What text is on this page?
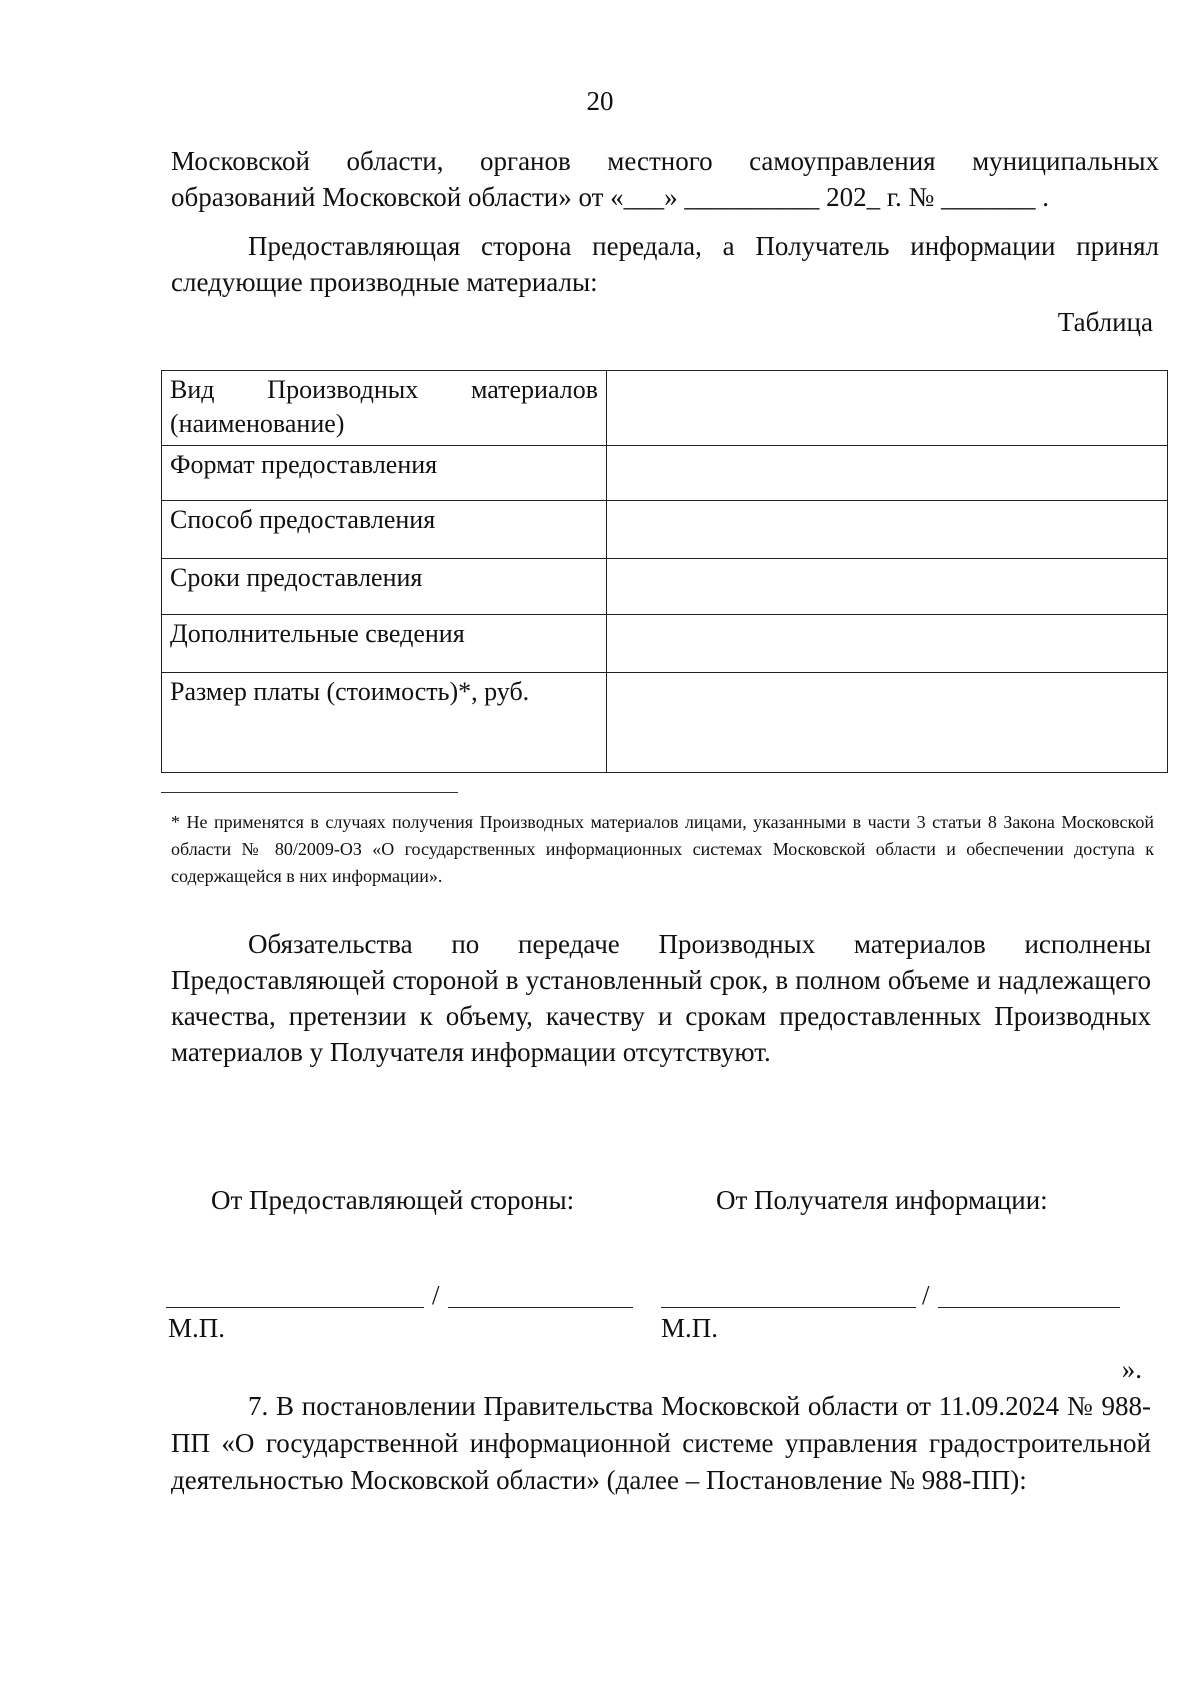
20
Московской области, органов местного самоуправления муниципальных
образований Московской области» от «___» __________ 202_ г. № _______ .
Предоставляющая сторона передала, а Получатель информации принял следующие производные материалы:
Таблица
Вид Производных материалов (наименование)	
Формат предоставления	
Способ предоставления	
Сроки предоставления	
Дополнительные сведения	
Размер платы (стоимость)*, руб.	
* Не применятся в случаях получения Производных материалов лицами, указанными в части 3 статьи 8 Закона Московской области № 80/2009-ОЗ «О государственных информационных системах Московской области и обеспечении доступа к содержащейся в них информации».
Обязательства по передаче Производных материалов исполнены Предоставляющей стороной в установленный срок, в полном объеме и надлежащего качества, претензии к объему, качеству и срокам предоставленных Производных материалов у Получателя информации отсутствуют.
От Предоставляющей стороны:	От Получателя информации:
/	/
М.П.	М.П.
».
7. В постановлении Правительства Московской области от 11.09.2024 № 988-ПП «О государственной информационной системе управления градостроительной деятельностью Московской области» (далее – Постановление № 988-ПП):
